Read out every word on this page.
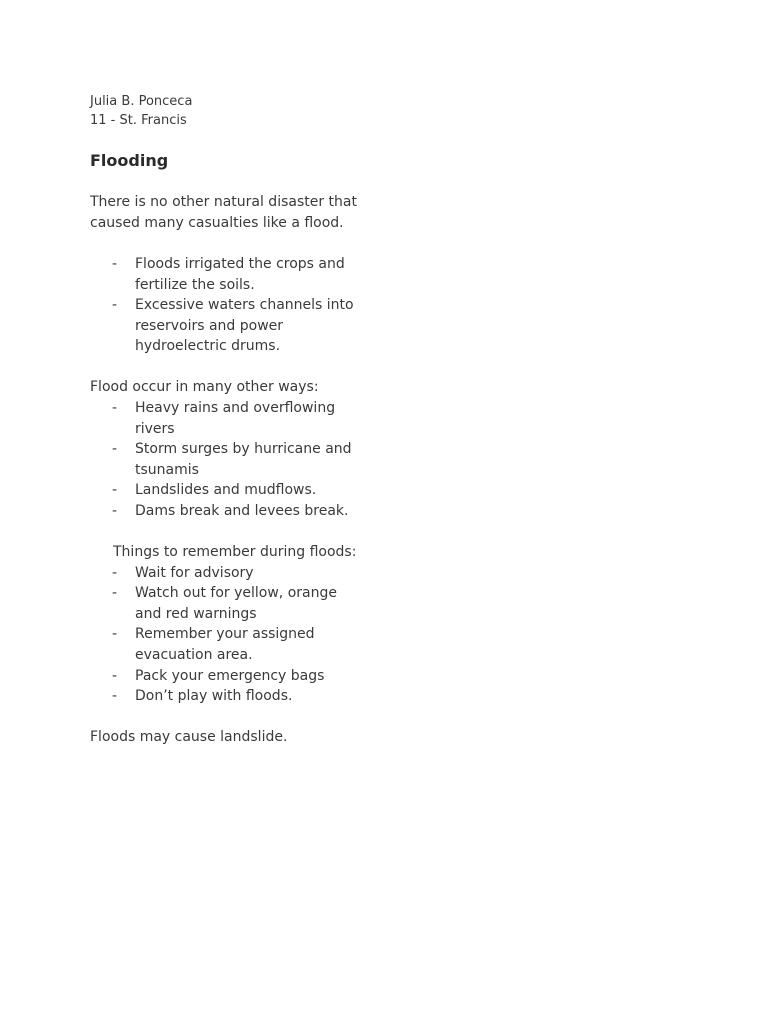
Julia B. Ponceca

11 - St. Francis

Flooding

There is no other natural disaster that caused many casualties like a flood.

- Floods irrigated the crops and fertilize the soils.
- Excessive waters channels into reservoirs and power hydroelectric drums.

Flood occur in many other ways:

- Heavy rains and overflowing rivers
- Storm surges by hurricane and tsunamis
- Landslides and mudflows.
- Dams break and levees break.

Things to remember during floods:

- Wait for advisory
- Watch out for yellow, orange and red warnings
- Remember your assigned evacuation area.
- Pack your emergency bags
- Don’t play with floods.

Floods may cause landslide.
